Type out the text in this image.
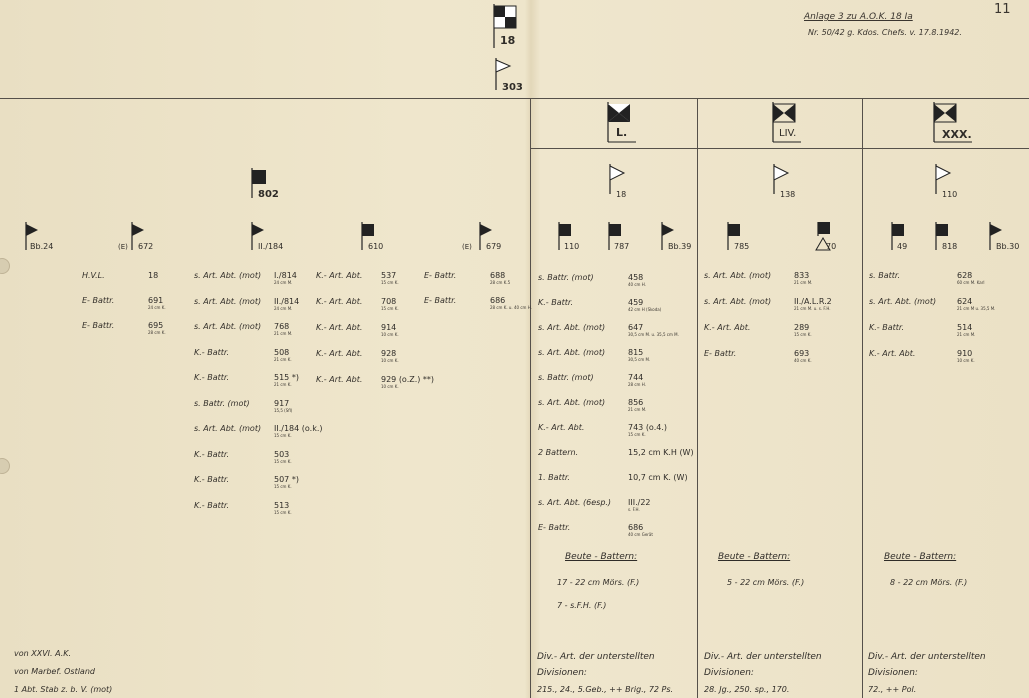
11
Anlage 3 zu A.O.K. 18 Ia
Nr. 50/42 g. Kdos. Chefs. v. 17.8.1942.
18
303
L.	LIV.	XXX.
18	138	110
802
Bb.24	(E) 672	II./184	610	(E) 679	110	787	Bb.39	785	70	49	818	Bb.30
H.V.L.	18
E- Battr.	691
24 cm K.
E- Battr.	695
28 cm K.
s. Art. Abt. (mot) I./814
24 cm M.
s. Art. Abt. (mot) II./814
24 cm M.
s. Art. Abt. (mot) 768
21 cm M.
K.- Battr.	508
21 cm K.
K.- Battr.	515 *)
21 cm K.
s. Battr. (mot)	917
15,5 (Sfl)
s. Art. Abt. (mot) II./184 (o.k.)
15 cm K.
K.- Battr.	503
15 cm K.
K.- Battr.	507 *)
15 cm K.
K.- Battr.	513
15 cm K.
K.- Art. Abt. 537
15 cm K.
K.- Art. Abt. 708
15 cm K.
K.- Art. Abt. 914
10 cm K.
K.- Art. Abt. 928
10 cm K.
K.- Art. Abt. 929 (o.Z.) **)
10 cm K.
E- Battr.	688
28 cm K.5
E- Battr.	686
28 cm K. u. 40 cm H.
s. Battr. (mot)	458
40 cm H.
K.- Battr.	459
42 cm H (Skoda)
s. Art. Abt. (mot)	647
30,5 cm M. u. 35,5 cm M.
s. Art. Abt. (mot)	815
30,5 cm M.
s. Battr. (mot)	744
28 cm H.
s. Art. Abt. (mot)	856
21 cm M.
K.- Art. Abt.	743 (o.4.)
15 cm K.
2 Battern.	15,2 cm K.H (W)
1. Battr.	10,7 cm K. (W)
s. Art. Abt. (6esp.) III./22
s. F.H.
E- Battr.	686
40 cm Gerät
s. Art. Abt. (mot)	833
21 cm M.
s. Art. Abt. (mot)	II./A.L.R.2
21 cm M. u. s. F.H.
K.- Art. Abt.	289
15 cm K.
E- Battr.	693
40 cm K.
s. Battr.	628
60 cm M. Karl
s. Art. Abt. (mot)	624
21 cm M u. 35,5 M.
K.- Battr.	514
21 cm M.
K.- Art. Abt.	910
10 cm K.
Beute - Battern:
17 - 22 cm Mörs. (F.)
7 - s.F.H. (F.)
Div.- Art. der unterstellten
Divisionen:
215., 24., 5.Geb., ++ Brig., 72 Ps.
Beute - Battern:
5 - 22 cm Mörs. (F.)
Div.- Art. der unterstellten
Divisionen:
28. Jg., 250. sp., 170.
Beute - Battern:
8 - 22 cm Mörs. (F.)
Div.- Art. der unterstellten
Divisionen:
72., ++ Pol.
von XXVI. A.K.
von Marbef. Ostland
1 Abt. Stab z. b. V. (mot)
